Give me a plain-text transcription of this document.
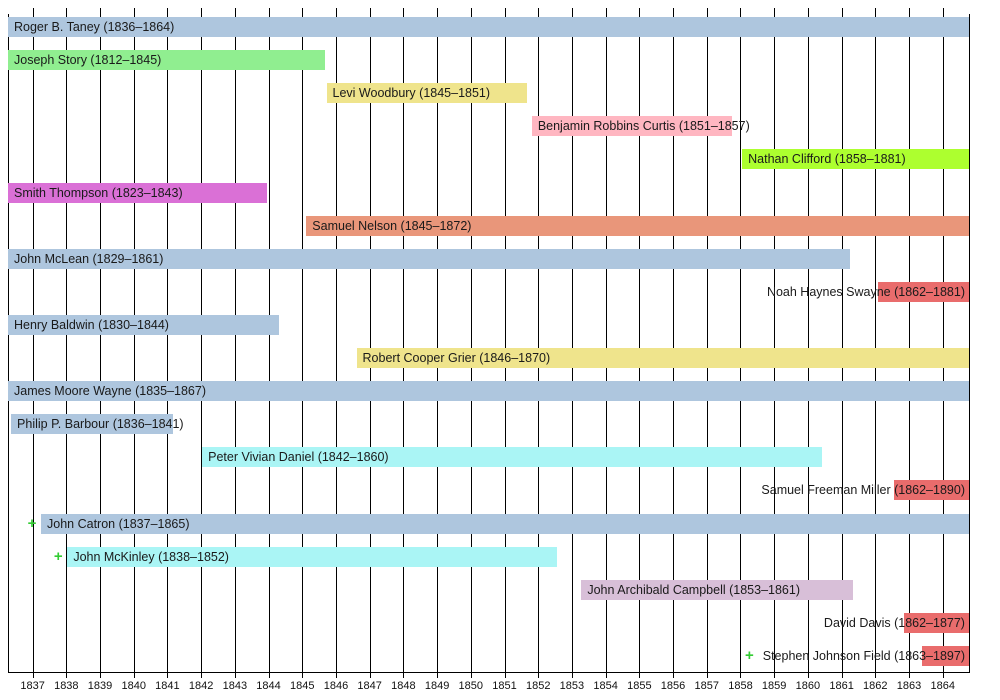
1837 1838 1839 1840 1841 1842 1843 1844 1845 1846 1847 1848 1849 1850 1851 1852 1853 1854 1855 1856 1857 1858 1859 1860 1861 1862 1863 1864
Roger B. Taney (1836–1864)
Joseph Story (1812–1845)
Levi Woodbury (1845–1851)
Benjamin Robbins Curtis (1851–1857)
Nathan Clifford (1858–1881)
Smith Thompson (1823–1843)
Samuel Nelson (1845–1872)
John McLean (1829–1861)
Noah Haynes Swayne (1862–1881)
Henry Baldwin (1830–1844)
Robert Cooper Grier (1846–1870)
James Moore Wayne (1835–1867)
Philip P. Barbour (1836–1841)
Peter Vivian Daniel (1842–1860)
Samuel Freeman Miller (1862–1890)
John Catron (1837–1865)
+
John McKinley (1838–1852)
+
John Archibald Campbell (1853–1861)
David Davis (1862–1877)
+ Stephen Johnson Field (1863–1897)
